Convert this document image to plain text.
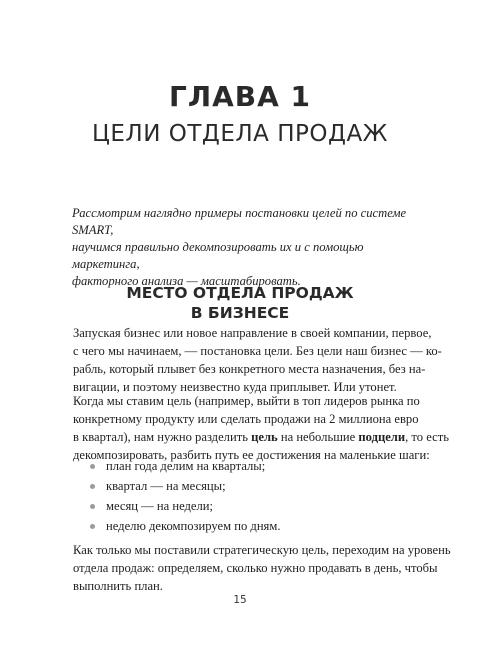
ГЛАВА 1
ЦЕЛИ ОТДЕЛА ПРОДАЖ
Рассмотрим наглядно примеры постановки целей по системе SMART,
научимся правильно декомпозировать их и с помощью маркетинга,
факторного анализа — масштабировать.
МЕСТО ОТДЕЛА ПРОДАЖ
В БИЗНЕСЕ
Запуская бизнес или новое направление в своей компании, первое,
с чего мы начинаем, — постановка цели. Без цели наш бизнес — ко-
рабль, который плывет без конкретного места назначения, без на-
вигации, и поэтому неизвестно куда приплывет. Или утонет.
Когда мы ставим цель (например, выйти в топ лидеров рынка по
конкретному продукту или сделать продажи на 2 миллиона евро
в квартал), нам нужно разделить цель на небольшие подцели, то есть
декомпозировать, разбить путь ее достижения на маленькие шаги:
план года делим на кварталы;
квартал — на месяцы;
месяц — на недели;
неделю декомпозируем по дням.
Как только мы поставили стратегическую цель, переходим на уровень
отдела продаж: определяем, сколько нужно продавать в день, чтобы
выполнить план.
15
